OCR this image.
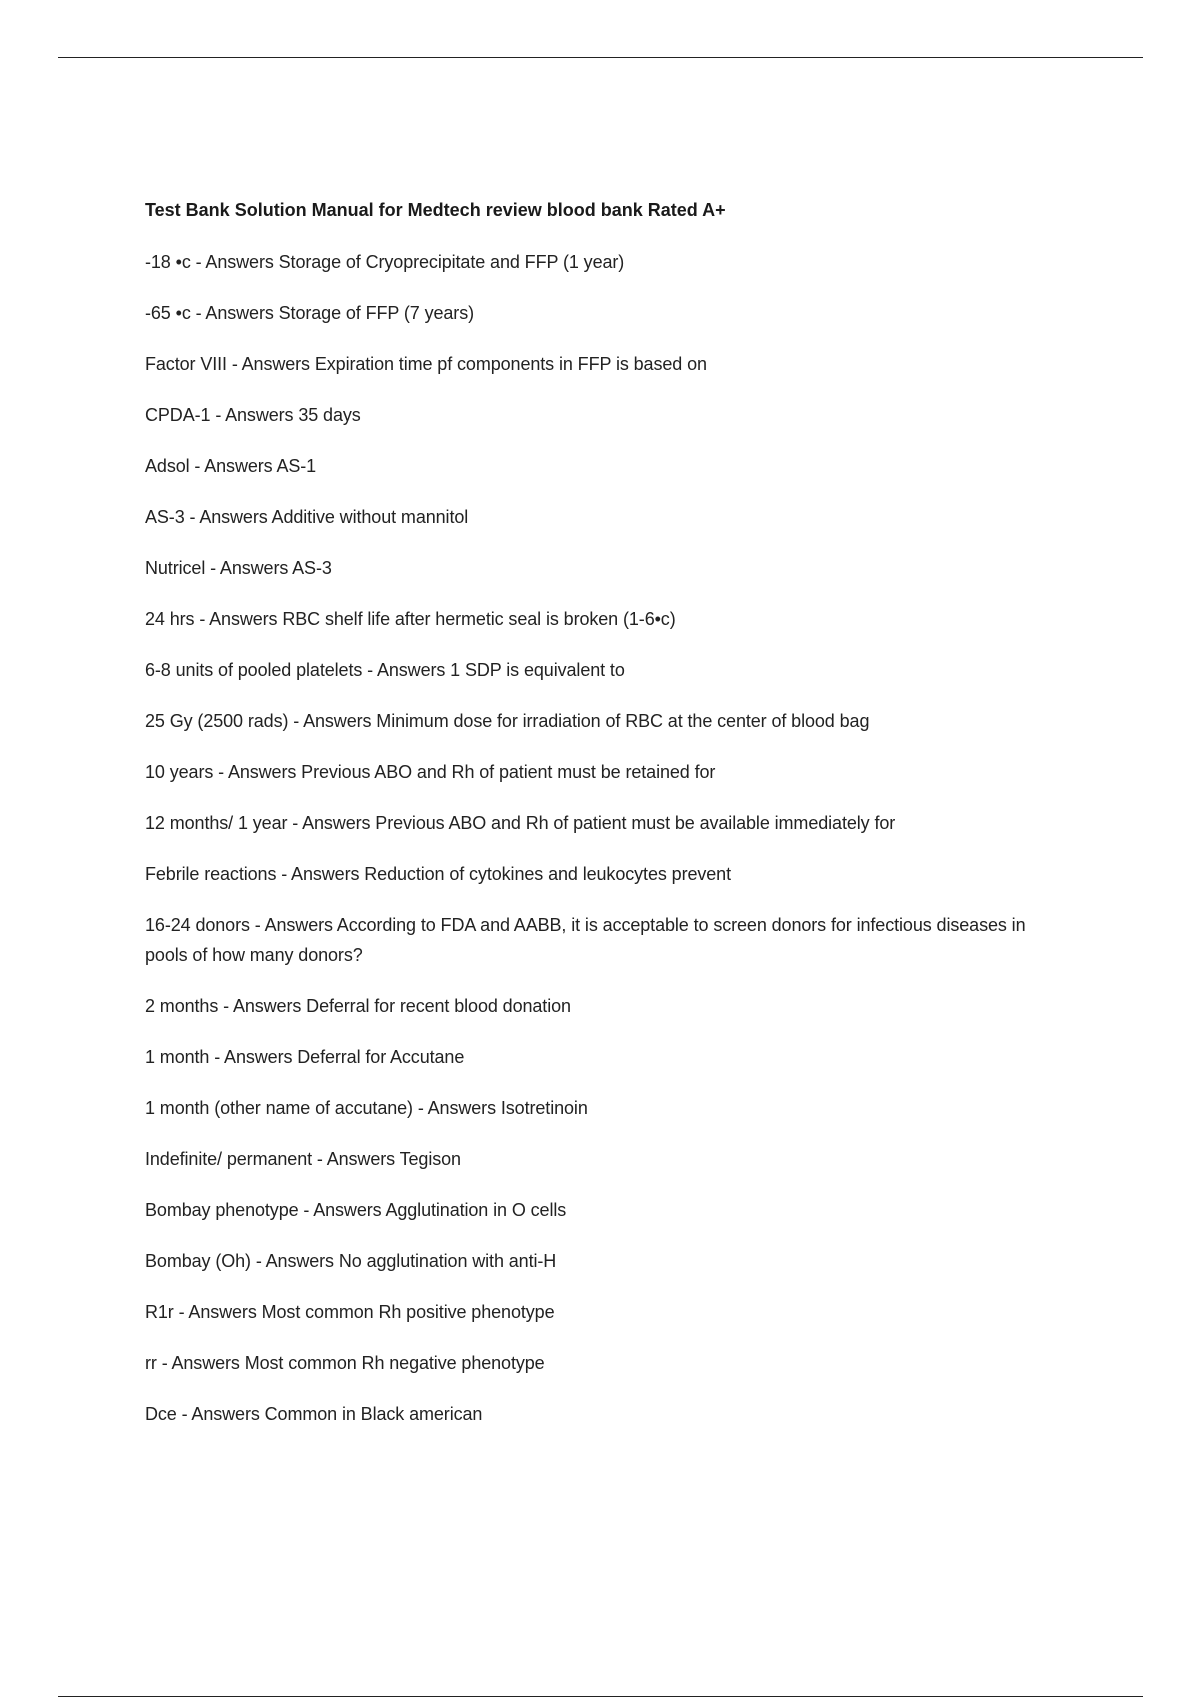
Test Bank Solution Manual for Medtech review blood bank Rated A+
-18 •c - Answers Storage of Cryoprecipitate and FFP (1 year)
-65 •c - Answers Storage of FFP (7 years)
Factor VIII - Answers Expiration time pf components in FFP is based on
CPDA-1 - Answers 35 days
Adsol - Answers AS-1
AS-3 - Answers Additive without mannitol
Nutricel - Answers AS-3
24 hrs - Answers RBC shelf life after hermetic seal is broken (1-6•c)
6-8 units of pooled platelets - Answers 1 SDP is equivalent to
25 Gy (2500 rads) - Answers Minimum dose for irradiation of RBC at the center of blood bag
10 years - Answers Previous ABO and Rh of patient must be retained for
12 months/ 1 year - Answers Previous ABO and Rh of patient must be available immediately for
Febrile reactions - Answers Reduction of cytokines and leukocytes prevent
16-24 donors - Answers According to FDA and AABB, it is acceptable to screen donors for infectious diseases in pools of how many donors?
2 months - Answers Deferral for recent blood donation
1 month - Answers Deferral for Accutane
1 month (other name of accutane) - Answers Isotretinoin
Indefinite/ permanent - Answers Tegison
Bombay phenotype - Answers Agglutination in O cells
Bombay (Oh) - Answers No agglutination with anti-H
R1r - Answers Most common Rh positive phenotype
rr - Answers Most common Rh negative phenotype
Dce - Answers Common in Black american
